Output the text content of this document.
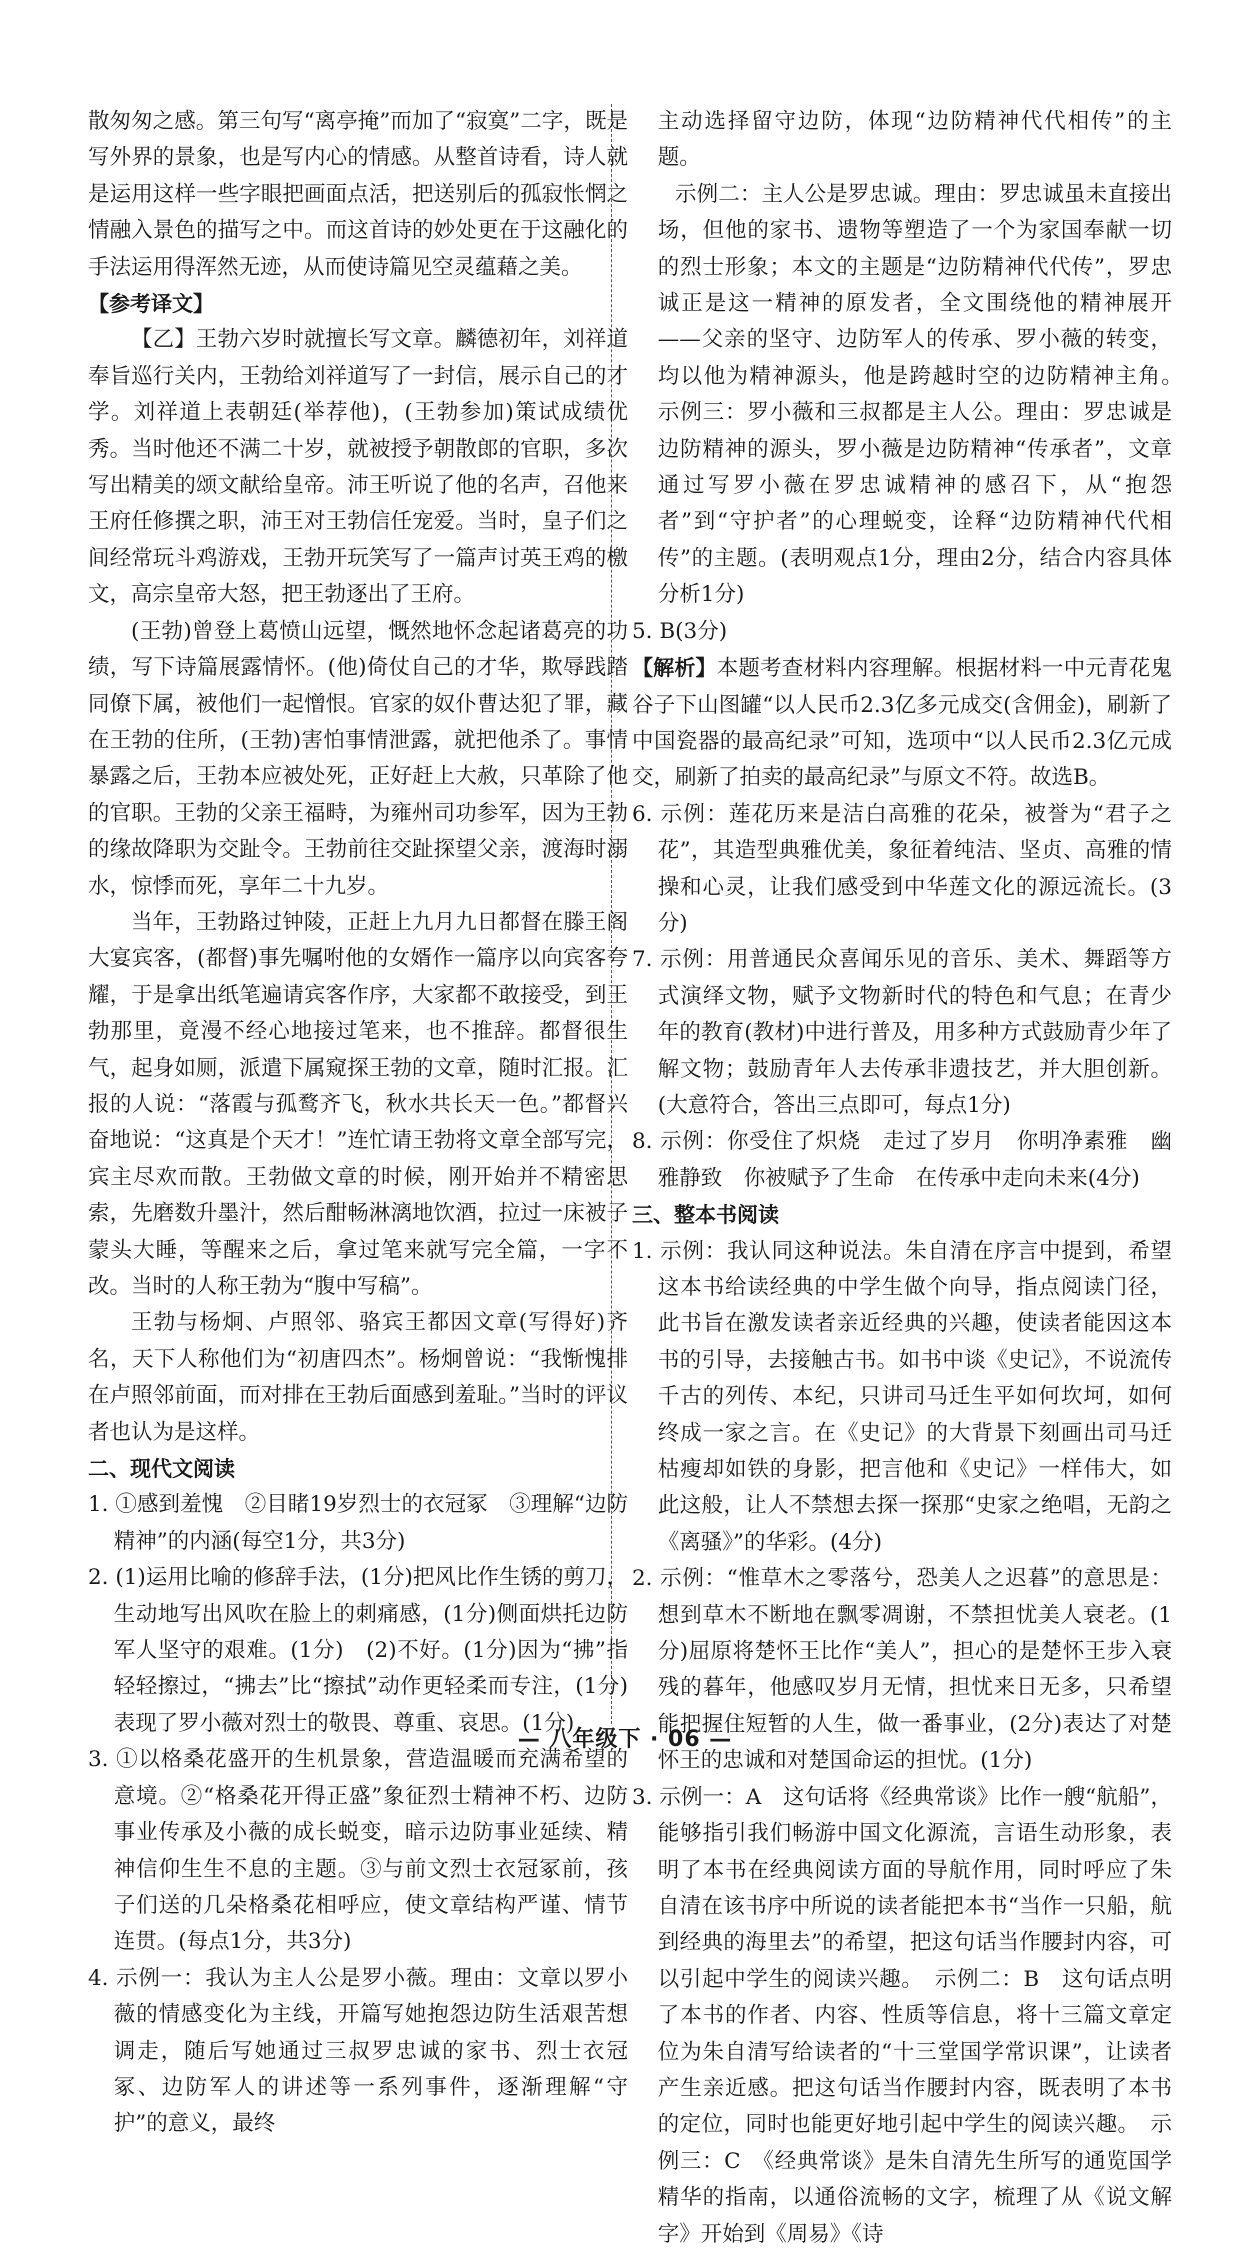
散匆匆之感。第三句写“离亭掩”而加了“寂寞”二字，既是写外界的景象，也是写内心的情感。从整首诗看，诗人就是运用这样一些字眼把画面点活，把送别后的孤寂怅惘之情融入景色的描写之中。而这首诗的妙处更在于这融化的手法运用得浑然无迹，从而使诗篇见空灵蕴藉之美。

【参考译文】

【乙】王勃六岁时就擅长写文章。麟德初年，刘祥道奉旨巡行关内，王勃给刘祥道写了一封信，展示自己的才学。刘祥道上表朝廷(举荐他)，(王勃参加)策试成绩优秀。当时他还不满二十岁，就被授予朝散郎的官职，多次写出精美的颂文献给皇帝。沛王听说了他的名声，召他来王府任修撰之职，沛王对王勃信任宠爱。当时，皇子们之间经常玩斗鸡游戏，王勃开玩笑写了一篇声讨英王鸡的檄文，高宗皇帝大怒，把王勃逐出了王府。

(王勃)曾登上葛愤山远望，慨然地怀念起诸葛亮的功绩，写下诗篇展露情怀。(他)倚仗自己的才华，欺辱践踏同僚下属，被他们一起憎恨。官家的奴仆曹达犯了罪，藏在王勃的住所，(王勃)害怕事情泄露，就把他杀了。事情暴露之后，王勃本应被处死，正好赶上大赦，只革除了他的官职。王勃的父亲王福畤，为雍州司功参军，因为王勃的缘故降职为交趾令。王勃前往交趾探望父亲，渡海时溺水，惊悸而死，享年二十九岁。

当年，王勃路过钟陵，正赶上九月九日都督在滕王阁大宴宾客，(都督)事先嘱咐他的女婿作一篇序以向宾客夸耀，于是拿出纸笔遍请宾客作序，大家都不敢接受，到王勃那里，竟漫不经心地接过笔来，也不推辞。都督很生气，起身如厕，派遣下属窥探王勃的文章，随时汇报。汇报的人说：“落霞与孤鹜齐飞，秋水共长天一色。”都督兴奋地说：“这真是个天才！”连忙请王勃将文章全部写完，宾主尽欢而散。王勃做文章的时候，刚开始并不精密思索，先磨数升墨汁，然后酣畅淋漓地饮酒，拉过一床被子蒙头大睡，等醒来之后，拿过笔来就写完全篇，一字不改。当时的人称王勃为“腹中写稿”。

王勃与杨炯、卢照邻、骆宾王都因文章(写得好)齐名，天下人称他们为“初唐四杰”。杨炯曾说：“我惭愧排在卢照邻前面，而对排在王勃后面感到羞耻。”当时的评议者也认为是这样。

二、现代文阅读

1. ①感到羞愧　②目睹19岁烈士的衣冠冢　③理解“边防精神”的内涵(每空1分，共3分)

2. (1)运用比喻的修辞手法，(1分)把风比作生锈的剪刀，生动地写出风吹在脸上的刺痛感，(1分)侧面烘托边防军人坚守的艰难。(1分)　(2)不好。(1分)因为“拂”指轻轻擦过，“拂去”比“擦拭”动作更轻柔而专注，(1分)表现了罗小薇对烈士的敬畏、尊重、哀思。(1分)

3. ①以格桑花盛开的生机景象，营造温暖而充满希望的意境。②“格桑花开得正盛”象征烈士精神不朽、边防事业传承及小薇的成长蜕变，暗示边防事业延续、精神信仰生生不息的主题。③与前文烈士衣冠冢前，孩子们送的几朵格桑花相呼应，使文章结构严谨、情节连贯。(每点1分，共3分)

4. 示例一：我认为主人公是罗小薇。理由：文章以罗小薇的情感变化为主线，开篇写她抱怨边防生活艰苦想调走，随后写她通过三叔罗忠诚的家书、烈士衣冠冢、边防军人的讲述等一系列事件，逐渐理解“守护”的意义，最终

主动选择留守边防，体现“边防精神代代相传”的主题。

示例二：主人公是罗忠诚。理由：罗忠诚虽未直接出场，但他的家书、遗物等塑造了一个为家国奉献一切的烈士形象；本文的主题是“边防精神代代传”，罗忠诚正是这一精神的原发者，全文围绕他的精神展开——父亲的坚守、边防军人的传承、罗小薇的转变，均以他为精神源头，他是跨越时空的边防精神主角。　示例三：罗小薇和三叔都是主人公。理由：罗忠诚是边防精神的源头，罗小薇是边防精神“传承者”，文章通过写罗小薇在罗忠诚精神的感召下，从“抱怨者”到“守护者”的心理蜕变，诠释“边防精神代代相传”的主题。(表明观点1分，理由2分，结合内容具体分析1分)

5. B(3分)

【解析】本题考查材料内容理解。根据材料一中元青花鬼谷子下山图罐“以人民币2.3亿多元成交(含佣金)，刷新了中国瓷器的最高纪录”可知，选项中“以人民币2.3亿元成交，刷新了拍卖的最高纪录”与原文不符。故选B。

6. 示例：莲花历来是洁白高雅的花朵，被誉为“君子之花”，其造型典雅优美，象征着纯洁、坚贞、高雅的情操和心灵，让我们感受到中华莲文化的源远流长。(3分)

7. 示例：用普通民众喜闻乐见的音乐、美术、舞蹈等方式演绎文物，赋予文物新时代的特色和气息；在青少年的教育(教材)中进行普及，用多种方式鼓励青少年了解文物；鼓励青年人去传承非遗技艺，并大胆创新。(大意符合，答出三点即可，每点1分)

8. 示例：你受住了炽烧　走过了岁月　你明净素雅　幽雅静致　你被赋予了生命　在传承中走向未来(4分)

三、整本书阅读

1. 示例：我认同这种说法。朱自清在序言中提到，希望这本书给读经典的中学生做个向导，指点阅读门径，此书旨在激发读者亲近经典的兴趣，使读者能因这本书的引导，去接触古书。如书中谈《史记》，不说流传千古的列传、本纪，只讲司马迁生平如何坎坷，如何终成一家之言。在《史记》的大背景下刻画出司马迁枯瘦却如铁的身影，把言他和《史记》一样伟大，如此这般，让人不禁想去探一探那“史家之绝唱，无韵之《离骚》”的华彩。(4分)

2. 示例：“惟草木之零落兮，恐美人之迟暮”的意思是：想到草木不断地在飘零凋谢，不禁担忧美人衰老。(1分)屈原将楚怀王比作“美人”，担心的是楚怀王步入衰残的暮年，他感叹岁月无情，担忧来日无多，只希望能把握住短暂的人生，做一番事业，(2分)表达了对楚怀王的忠诚和对楚国命运的担忧。(1分)

3. 示例一：A　这句话将《经典常谈》比作一艘“航船”，能够指引我们畅游中国文化源流，言语生动形象，表明了本书在经典阅读方面的导航作用，同时呼应了朱自清在该书序中所说的读者能把本书“当作一只船，航到经典的海里去”的希望，把这句话当作腰封内容，可以引起中学生的阅读兴趣。　示例二：B　这句话点明了本书的作者、内容、性质等信息，将十三篇文章定位为朱自清写给读者的“十三堂国学常识课”，让读者产生亲近感。把这句话当作腰封内容，既表明了本书的定位，同时也能更好地引起中学生的阅读兴趣。　示例三：C　《经典常谈》是朱自清先生所写的通览国学精华的指南，以通俗流畅的文字，梳理了从《说文解字》开始到《周易》《诗

— 八年级下 · 06 —
